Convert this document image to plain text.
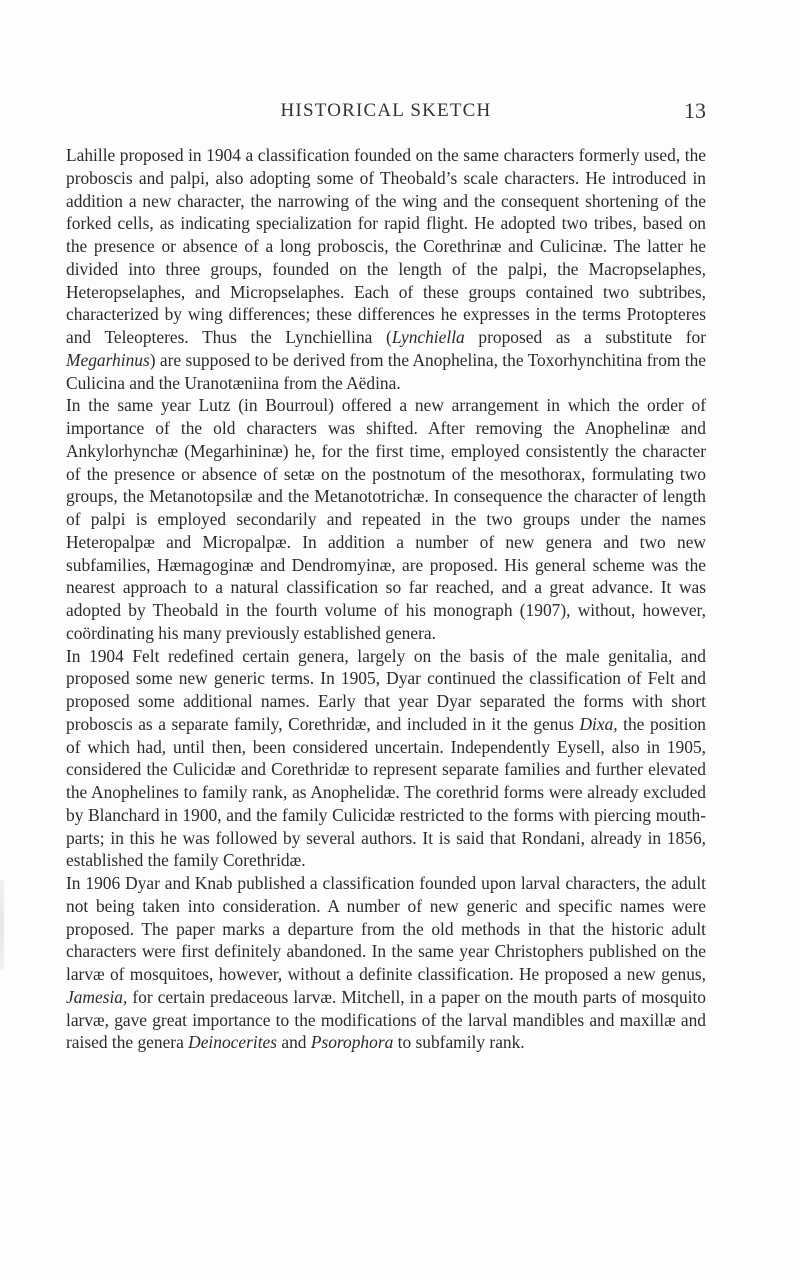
HISTORICAL SKETCH	13

Lahille proposed in 1904 a classification founded on the same characters formerly used, the proboscis and palpi, also adopting some of Theobald’s scale characters. He introduced in addition a new character, the narrowing of the wing and the consequent shortening of the forked cells, as indicating specialization for rapid flight. He adopted two tribes, based on the presence or absence of a long proboscis, the Corethrinæ and Culicinæ. The latter he divided into three groups, founded on the length of the palpi, the Macropselaphes, Heteropselaphes, and Micropselaphes. Each of these groups contained two subtribes, characterized by wing differences; these differences he expresses in the terms Protopteres and Teleopteres. Thus the Lynchiellina (Lynchiella proposed as a substitute for Megarhinus) are supposed to be derived from the Anophelina, the Toxorhynchitina from the Culicina and the Uranotæniina from the Aëdina.

In the same year Lutz (in Bourroul) offered a new arrangement in which the order of importance of the old characters was shifted. After removing the Anophelinæ and Ankylorhynchæ (Megarhininæ) he, for the first time, employed consistently the character of the presence or absence of setæ on the postnotum of the mesothorax, formulating two groups, the Metanotopsilæ and the Metanototrichæ. In consequence the character of length of palpi is employed secondarily and repeated in the two groups under the names Heteropalpæ and Micropalpæ. In addition a number of new genera and two new subfamilies, Hæmagoginæ and Dendromyinæ, are proposed. His general scheme was the nearest approach to a natural classification so far reached, and a great advance. It was adopted by Theobald in the fourth volume of his monograph (1907), without, however, coördinating his many previously established genera.

In 1904 Felt redefined certain genera, largely on the basis of the male genitalia, and proposed some new generic terms. In 1905, Dyar continued the classification of Felt and proposed some additional names. Early that year Dyar separated the forms with short proboscis as a separate family, Corethridæ, and included in it the genus Dixa, the position of which had, until then, been considered uncertain. Independently Eysell, also in 1905, considered the Culicidæ and Corethridæ to represent separate families and further elevated the Anophelines to family rank, as Anophelidæ. The corethrid forms were already excluded by Blanchard in 1900, and the family Culicidæ restricted to the forms with piercing mouth-parts; in this he was followed by several authors. It is said that Rondani, already in 1856, established the family Corethridæ.

In 1906 Dyar and Knab published a classification founded upon larval characters, the adult not being taken into consideration. A number of new generic and specific names were proposed. The paper marks a departure from the old methods in that the historic adult characters were first definitely abandoned. In the same year Christophers published on the larvæ of mosquitoes, however, without a definite classification. He proposed a new genus, Jamesia, for certain predaceous larvæ. Mitchell, in a paper on the mouth parts of mosquito larvæ, gave great importance to the modifications of the larval mandibles and maxillæ and raised the genera Deinocerites and Psorophora to subfamily rank.
